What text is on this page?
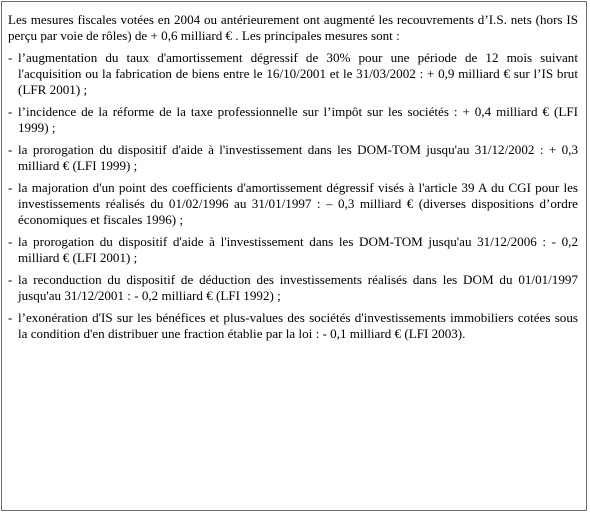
Les mesures fiscales votées en 2004 ou antérieurement ont augmenté les recouvrements d’I.S. nets (hors IS perçu par voie de rôles) de + 0,6 milliard € . Les principales mesures sont :

- l’augmentation du taux d'amortissement dégressif de 30% pour une période de 12 mois suivant l'acquisition ou la fabrication de biens entre le 16/10/2001 et le 31/03/2002 : + 0,9 milliard € sur l’IS brut (LFR 2001) ;
- l’incidence de la réforme de la taxe professionnelle sur l’impôt sur les sociétés : + 0,4 milliard € (LFI 1999) ;
- la prorogation du dispositif d'aide à l'investissement dans les DOM-TOM jusqu'au 31/12/2002 : + 0,3 milliard € (LFI 1999) ;
- la majoration d'un point des coefficients d'amortissement dégressif visés à l'article 39 A du CGI pour les investissements réalisés du 01/02/1996 au 31/01/1997 : – 0,3 milliard € (diverses dispositions d’ordre économiques et fiscales 1996) ;
- la prorogation du dispositif d'aide à l'investissement dans les DOM-TOM jusqu'au 31/12/2006 : - 0,2 milliard € (LFI 2001) ;
- la reconduction du dispositif de déduction des investissements réalisés dans les DOM du 01/01/1997 jusqu'au 31/12/2001 : - 0,2 milliard € (LFI 1992) ;
- l’exonération d'IS sur les bénéfices et plus-values des sociétés d'investissements immobiliers cotées sous la condition d'en distribuer une fraction établie par la loi : - 0,1 milliard € (LFI 2003).
